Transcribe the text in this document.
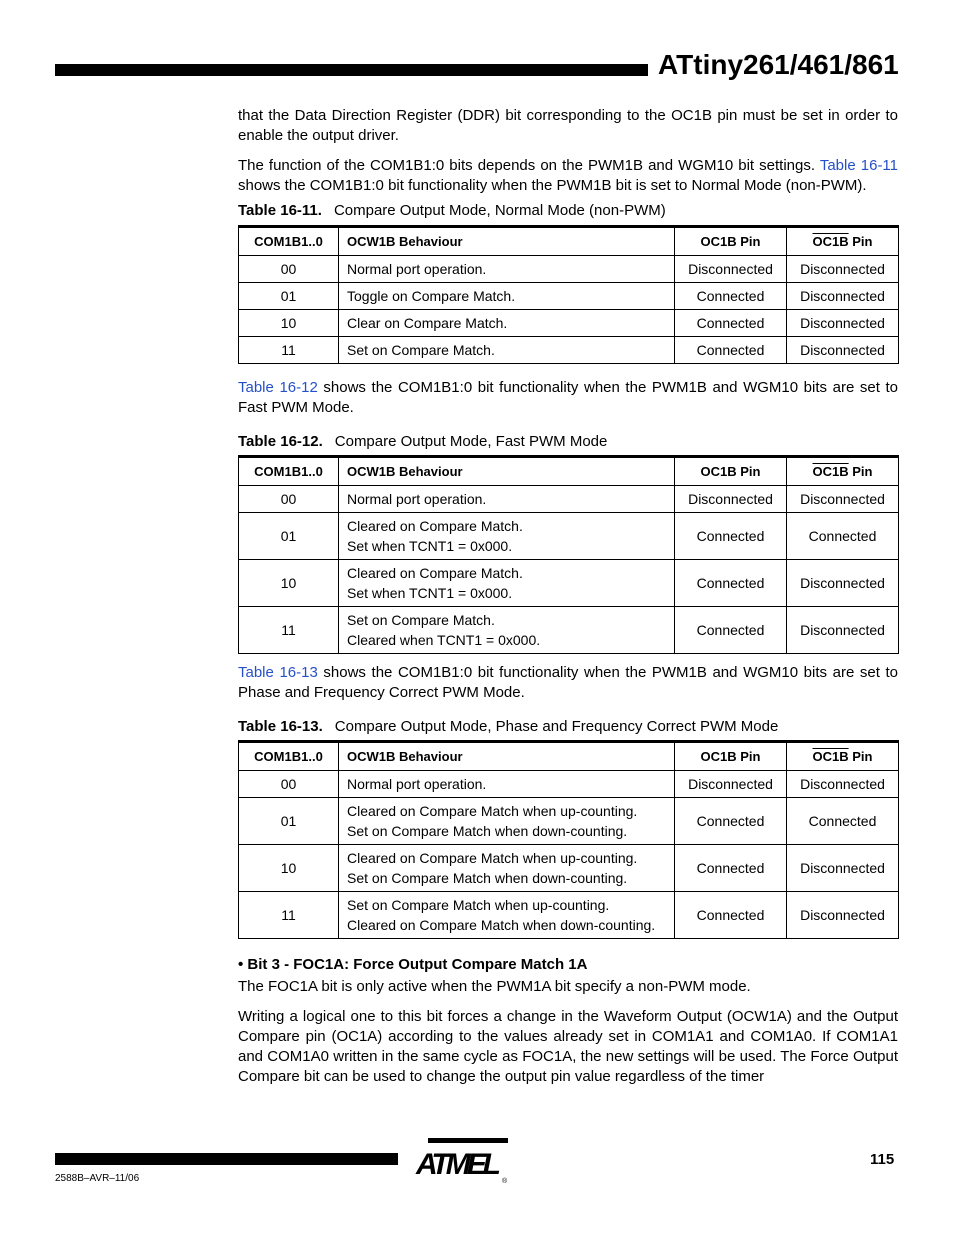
ATtiny261/461/861

that the Data Direction Register (DDR) bit corresponding to the OC1B pin must be set in order to enable the output driver.

The function of the COM1B1:0 bits depends on the PWM1B and WGM10 bit settings. Table 16-11 shows the COM1B1:0 bit functionality when the PWM1B bit is set to Normal Mode (non-PWM).

Table 16-11. Compare Output Mode, Normal Mode (non-PWM)
COM1B1..0	OCW1B Behaviour	OC1B Pin	OC1B Pin
00	Normal port operation.	Disconnected	Disconnected
01	Toggle on Compare Match.	Connected	Disconnected
10	Clear on Compare Match.	Connected	Disconnected
11	Set on Compare Match.	Connected	Disconnected

Table 16-12 shows the COM1B1:0 bit functionality when the PWM1B and WGM10 bits are set to Fast PWM Mode.

Table 16-12. Compare Output Mode, Fast PWM Mode
COM1B1..0	OCW1B Behaviour	OC1B Pin	OC1B Pin
00	Normal port operation.	Disconnected	Disconnected
01	Cleared on Compare Match.
Set when TCNT1 = 0x000.	Connected	Connected
10	Cleared on Compare Match.
Set when TCNT1 = 0x000.	Connected	Disconnected
11	Set on Compare Match.
Cleared when TCNT1 = 0x000.	Connected	Disconnected

Table 16-13 shows the COM1B1:0 bit functionality when the PWM1B and WGM10 bits are set to Phase and Frequency Correct PWM Mode.

Table 16-13. Compare Output Mode, Phase and Frequency Correct PWM Mode
COM1B1..0	OCW1B Behaviour	OC1B Pin	OC1B Pin
00	Normal port operation.	Disconnected	Disconnected
01	Cleared on Compare Match when up-counting.
Set on Compare Match when down-counting.	Connected	Connected
10	Cleared on Compare Match when up-counting.
Set on Compare Match when down-counting.	Connected	Disconnected
11	Set on Compare Match when up-counting.
Cleared on Compare Match when down-counting.	Connected	Disconnected

• Bit 3 - FOC1A: Force Output Compare Match 1A

The FOC1A bit is only active when the PWM1A bit specify a non-PWM mode.

Writing a logical one to this bit forces a change in the Waveform Output (OCW1A) and the Output Compare pin (OC1A) according to the values already set in COM1A1 and COM1A0. If COM1A1 and COM1A0 written in the same cycle as FOC1A, the new settings will be used. The Force Output Compare bit can be used to change the output pin value regardless of the timer

2588B–AVR–11/06
115
ATMEL
®
